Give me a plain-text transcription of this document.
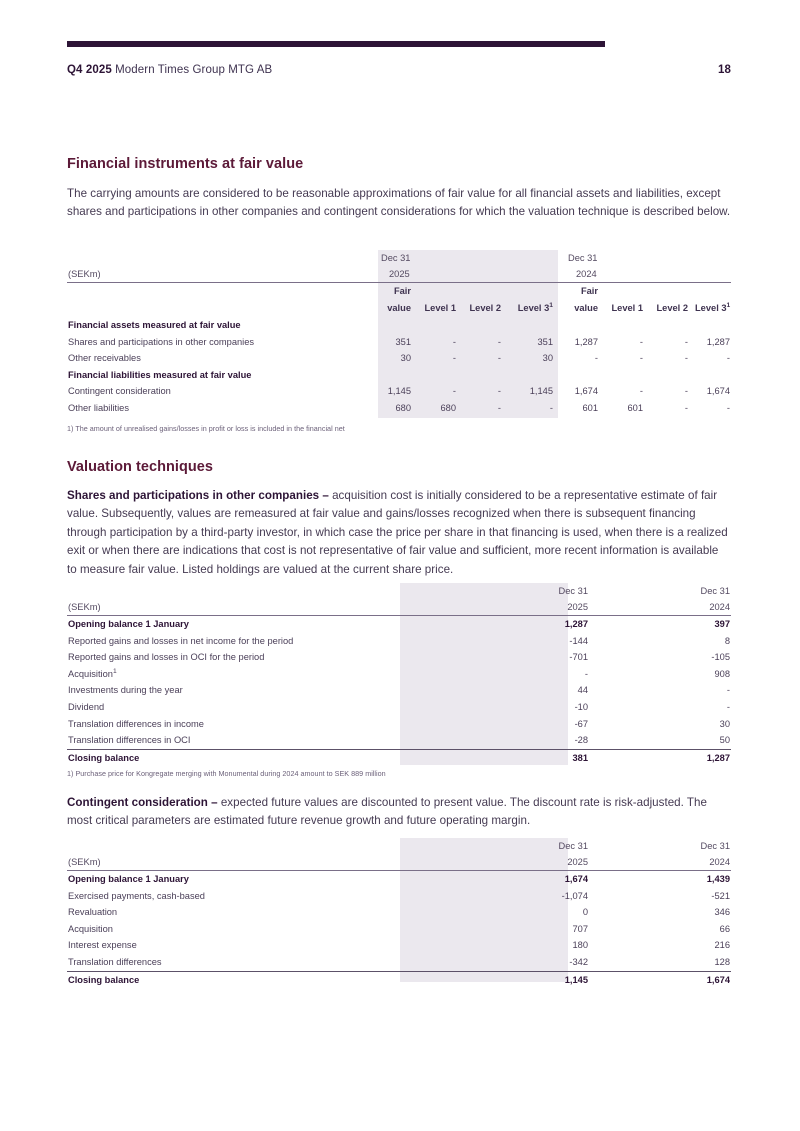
Q4 2025 Modern Times Group MTG AB	18
Financial instruments at fair value
The carrying amounts are considered to be reasonable approximations of fair value for all financial assets and liabilities, except shares and participations in other companies and contingent considerations for which the valuation technique is described below.
	Dec 31				Dec 31			
(SEKm)	2025				2024			
	Fair				Fair			
	value	Level 1	Level 2	Level $3^1$	value	Level 1	Level 2	Level $3^1$
Financial assets measured at fair value								
Shares and participations in other companies	351	-	-	351	1,287	-	-	1,287
Other receivables	30	-	-	30	-	-	-	-
Financial liabilities measured at fair value								
Contingent consideration	1,145	-	-	1,145	1,674	-	-	1,674
Other liabilities	680	680	-	-	601	601	-	-
1) The amount of unrealised gains/losses in profit or loss is included in the financial net
Valuation techniques
Shares and participations in other companies – acquisition cost is initially considered to be a representative estimate of fair value. Subsequently, values are remeasured at fair value and gains/losses recognized when there is subsequent financing through participation by a third-party investor, in which case the price per share in that financing is used, when there is a realized exit or when there are indications that cost is not representative of fair value and sufficient, more recent information is available to measure fair value. Listed holdings are valued at the current share price.
	Dec 31	Dec 31
(SEKm)	2025	2024
Opening balance 1 January	1,287	397
Reported gains and losses in net income for the period	-144	8
Reported gains and losses in OCI for the period	-701	-105
Acquisition$^1$	-	908
Investments during the year	44	-
Dividend	-10	-
Translation differences in income	-67	30
Translation differences in OCI	-28	50
Closing balance	381	1,287
1) Purchase price for Kongregate merging with Monumental during 2024 amount to SEK 889 million
Contingent consideration – expected future values are discounted to present value. The discount rate is risk-adjusted. The most critical parameters are estimated future revenue growth and future operating margin.
	Dec 31	Dec 31
(SEKm)	2025	2024
Opening balance 1 January	1,674	1,439
Exercised payments, cash-based	-1,074	-521
Revaluation	0	346
Acquisition	707	66
Interest expense	180	216
Translation differences	-342	128
Closing balance	1,145	1,674
